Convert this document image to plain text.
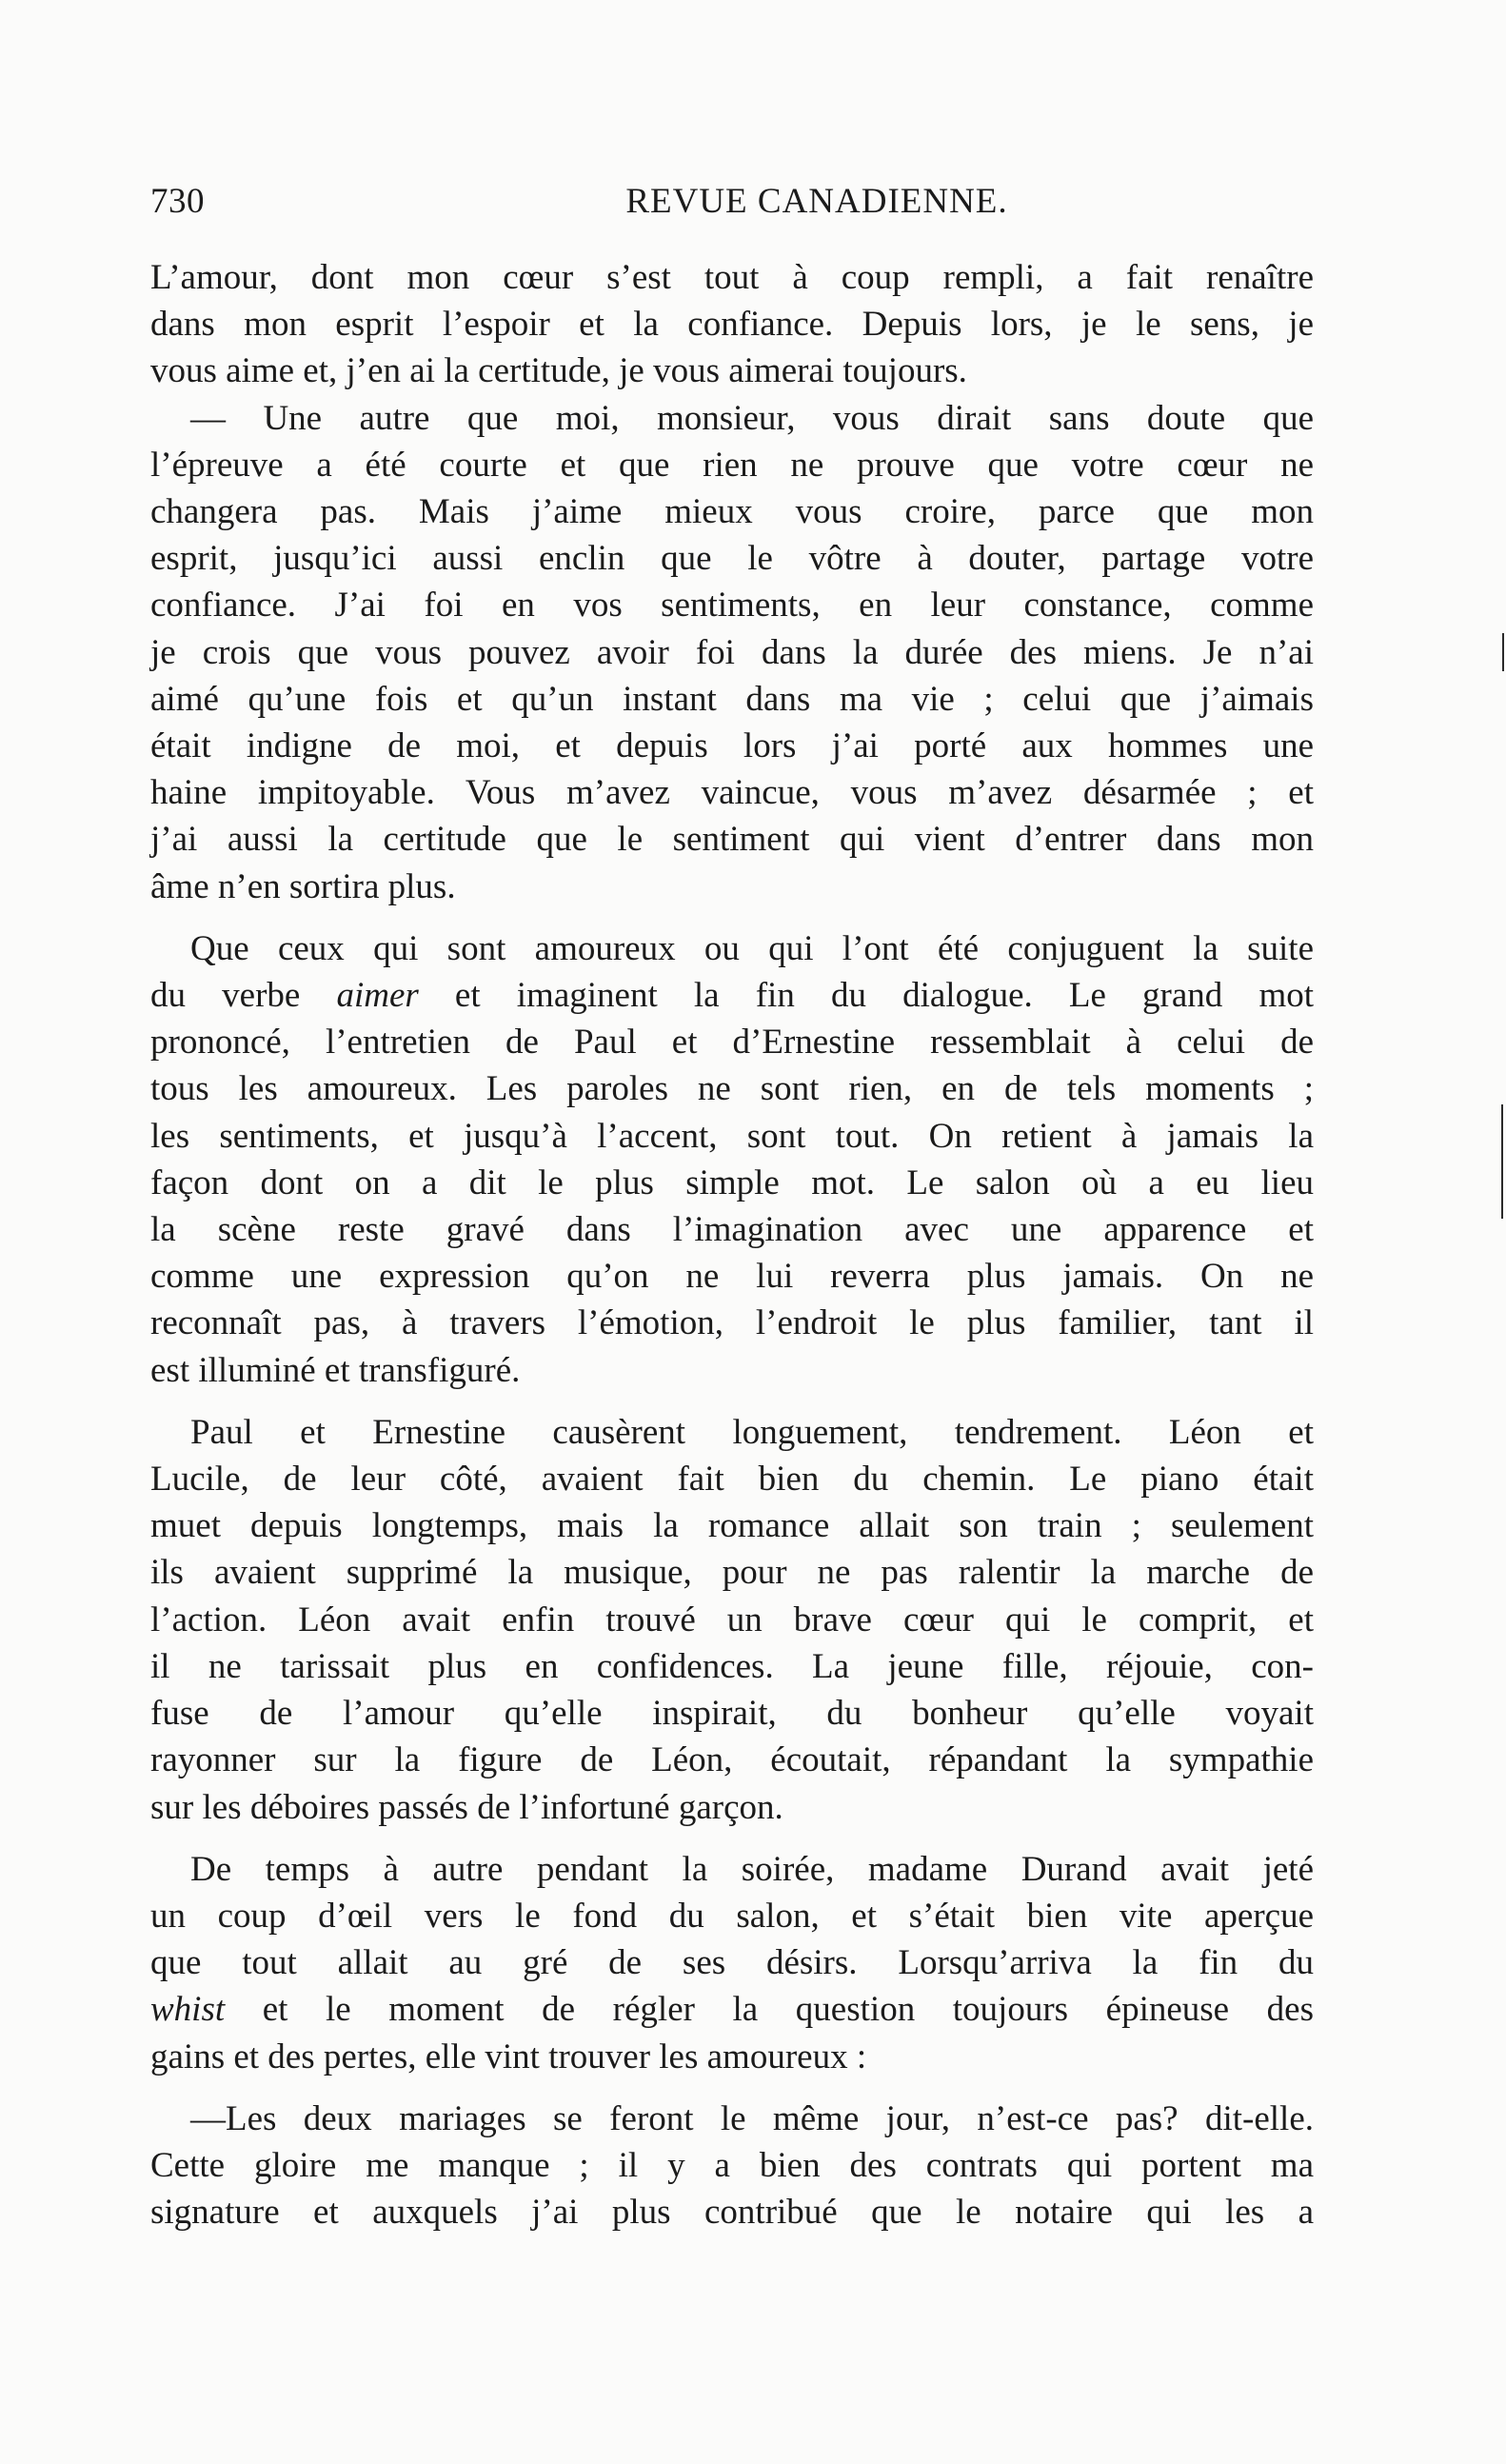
730	REVUE CANADIENNE.

L’amour, dont mon cœur s’est tout à coup rempli, a fait renaître
dans mon esprit l’espoir et la confiance. Depuis lors, je le sens, je
vous aime et, j’en ai la certitude, je vous aimerai toujours.

— Une autre que moi, monsieur, vous dirait sans doute que
l’épreuve a été courte et que rien ne prouve que votre cœur ne
changera pas. Mais j’aime mieux vous croire, parce que mon
esprit, jusqu’ici aussi enclin que le vôtre à douter, partage votre
confiance. J’ai foi en vos sentiments, en leur constance, comme
je crois que vous pouvez avoir foi dans la durée des miens. Je n’ai
aimé qu’une fois et qu’un instant dans ma vie ; celui que j’aimais
était indigne de moi, et depuis lors j’ai porté aux hommes une
haine impitoyable. Vous m’avez vaincue, vous m’avez désarmée ; et
j’ai aussi la certitude que le sentiment qui vient d’entrer dans mon
âme n’en sortira plus.

Que ceux qui sont amoureux ou qui l’ont été conjuguent la suite
du verbe aimer et imaginent la fin du dialogue. Le grand mot
prononcé, l’entretien de Paul et d’Ernestine ressemblait à celui de
tous les amoureux. Les paroles ne sont rien, en de tels moments ;
les sentiments, et jusqu’à l’accent, sont tout. On retient à jamais la
façon dont on a dit le plus simple mot. Le salon où a eu lieu
la scène reste gravé dans l’imagination avec une apparence et
comme une expression qu’on ne lui reverra plus jamais. On ne
reconnaît pas, à travers l’émotion, l’endroit le plus familier, tant il
est illuminé et transfiguré.

Paul et Ernestine causèrent longuement, tendrement. Léon et
Lucile, de leur côté, avaient fait bien du chemin. Le piano était
muet depuis longtemps, mais la romance allait son train ; seulement
ils avaient supprimé la musique, pour ne pas ralentir la marche de
l’action. Léon avait enfin trouvé un brave cœur qui le comprit, et
il ne tarissait plus en confidences. La jeune fille, réjouie, con-
fuse de l’amour qu’elle inspirait, du bonheur qu’elle voyait
rayonner sur la figure de Léon, écoutait, répandant la sympathie
sur les déboires passés de l’infortuné garçon.

De temps à autre pendant la soirée, madame Durand avait jeté
un coup d’œil vers le fond du salon, et s’était bien vite aperçue
que tout allait au gré de ses désirs. Lorsqu’arriva la fin du
whist et le moment de régler la question toujours épineuse des
gains et des pertes, elle vint trouver les amoureux :

—Les deux mariages se feront le même jour, n’est-ce pas? dit-elle.
Cette gloire me manque ; il y a bien des contrats qui portent ma
signature et auxquels j’ai plus contribué que le notaire qui les a
